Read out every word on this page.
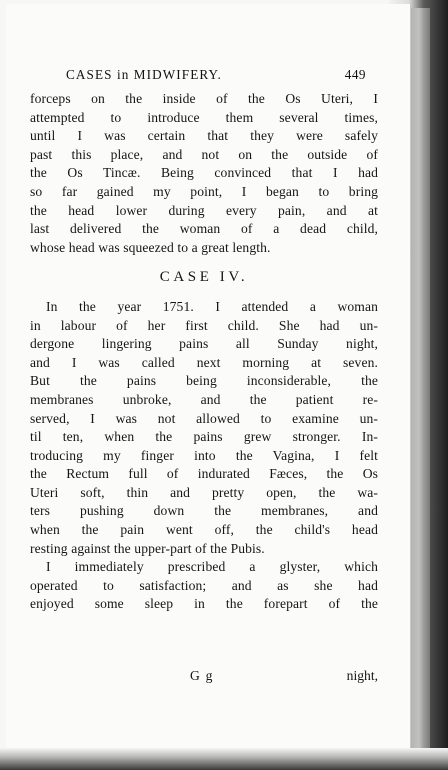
CASES in MIDWIFERY.	449
forceps on the inside of the Os Uteri, I
attempted to introduce them several times,
until I was certain that they were safely
past this place, and not on the outside of
the Os Tincæ. Being convinced that I had
so far gained my point, I began to bring
the head lower during every pain, and at
last delivered the woman of a dead child,
whose head was squeezed to a great length.
CASE IV.
In the year 1751. I attended a woman
in labour of her first child. She had un-
dergone lingering pains all Sunday night,
and I was called next morning at seven.
But the pains being inconsiderable, the
membranes unbroke, and the patient re-
served, I was not allowed to examine un-
til ten, when the pains grew stronger. In-
troducing my finger into the Vagina, I felt
the Rectum full of indurated Fæces, the Os
Uteri soft, thin and pretty open, the wa-
ters pushing down the membranes, and
when the pain went off, the child's head
resting against the upper-part of the Pubis.
I immediately prescribed a glyster, which
operated to satisfaction; and as she had
enjoyed some sleep in the forepart of the
G g	night,
